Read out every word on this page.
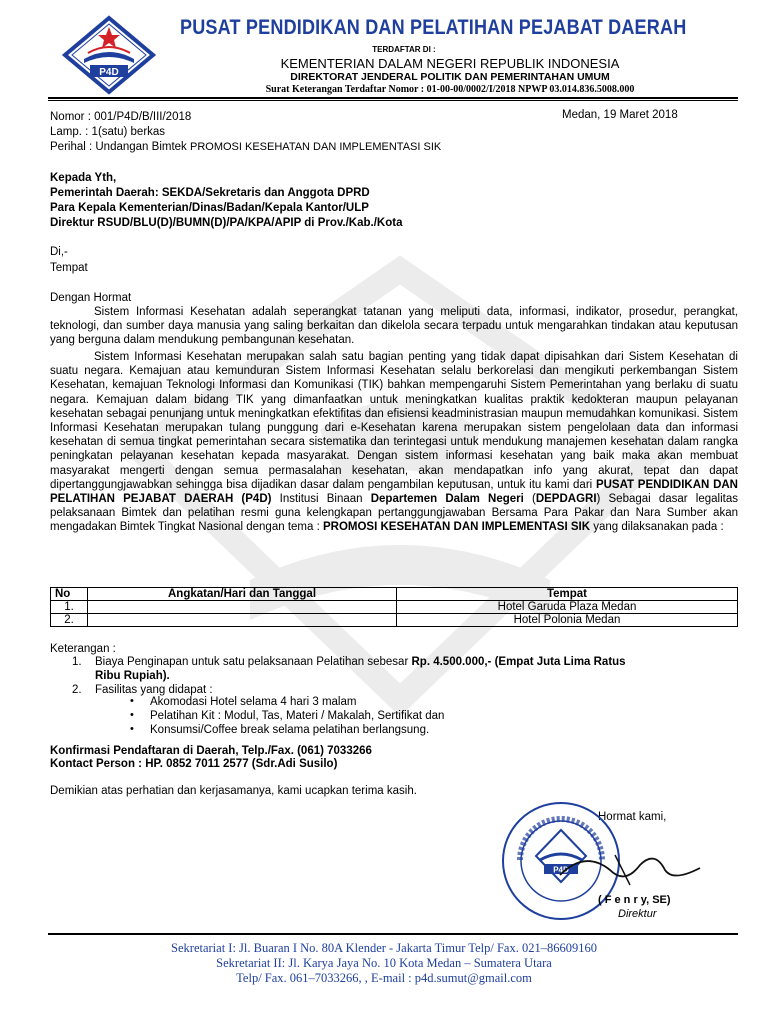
P4D
PUSAT PENDIDIKAN DAN PELATIHAN PEJABAT DAERAH
TERDAFTAR DI :
KEMENTERIAN DALAM NEGERI REPUBLIK INDONESIA
DIREKTORAT JENDERAL POLITIK DAN PEMERINTAHAN UMUM
Surat Keterangan Terdaftar Nomor : 01-00-00/0002/I/2018 NPWP 03.014.836.5008.000
Nomor : 001/P4D/B/III/2018
Lamp. : 1(satu) berkas
Perihal : Undangan Bimtek PROMOSI KESEHATAN DAN IMPLEMENTASI SIK
Medan, 19 Maret 2018
Kepada Yth,
Pemerintah Daerah: SEKDA/Sekretaris dan Anggota DPRD
Para Kepala Kementerian/Dinas/Badan/Kepala Kantor/ULP
Direktur RSUD/BLU(D)/BUMN(D)/PA/KPA/APIP di Prov./Kab./Kota
Di,-
Tempat
Dengan Hormat

Sistem Informasi Kesehatan adalah seperangkat tatanan yang meliputi data, informasi, indikator, prosedur, perangkat, teknologi, dan sumber daya manusia yang saling berkaitan dan dikelola secara terpadu untuk mengarahkan tindakan atau keputusan yang berguna dalam mendukung pembangunan kesehatan.

Sistem Informasi Kesehatan merupakan salah satu bagian penting yang tidak dapat dipisahkan dari Sistem Kesehatan di suatu negara. Kemajuan atau kemunduran Sistem Informasi Kesehatan selalu berkorelasi dan mengikuti perkembangan Sistem Kesehatan, kemajuan Teknologi Informasi dan Komunikasi (TIK) bahkan mempengaruhi Sistem Pemerintahan yang berlaku di suatu negara. Kemajuan dalam bidang TIK yang dimanfaatkan untuk meningkatkan kualitas praktik kedokteran maupun pelayanan kesehatan sebagai penunjang untuk meningkatkan efektifitas dan efisiensi keadministrasian maupun memudahkan komunikasi. Sistem Informasi Kesehatan merupakan tulang punggung dari e-Kesehatan karena merupakan sistem pengelolaan data dan informasi kesehatan di semua tingkat pemerintahan secara sistematika dan terintegasi untuk mendukung manajemen kesehatan dalam rangka peningkatan pelayanan kesehatan kepada masyarakat. Dengan sistem informasi kesehatan yang baik maka akan membuat masyarakat mengerti dengan semua permasalahan kesehatan, akan mendapatkan info yang akurat, tepat dan dapat dipertanggungjawabkan sehingga bisa dijadikan dasar dalam pengambilan keputusan, untuk itu kami dari PUSAT PENDIDIKAN DAN PELATIHAN PEJABAT DAERAH (P4D) Institusi Binaan Departemen Dalam Negeri (DEPDAGRI) Sebagai dasar legalitas pelaksanaan Bimtek dan pelatihan resmi guna kelengkapan pertanggungjawaban Bersama Para Pakar dan Nara Sumber akan mengadakan Bimtek Tingkat Nasional dengan tema : PROMOSI KESEHATAN DAN IMPLEMENTASI SIK yang dilaksanakan pada :

No	Angkatan/Hari dan Tanggal	Tempat
1.		Hotel Garuda Plaza Medan
2.		Hotel Polonia Medan
Keterangan :
1. Biaya Penginapan untuk satu pelaksanaan Pelatihan sebesar Rp. 4.500.000,- (Empat Juta Lima Ratus
Ribu Rupiah).
2. Fasilitas yang didapat :
• Akomodasi Hotel selama 4 hari 3 malam
• Pelatihan Kit : Modul, Tas, Materi / Makalah, Sertifikat dan
• Konsumsi/Coffee break selama pelatihan berlangsung.
Konfirmasi Pendaftaran di Daerah, Telp./Fax. (061) 7033266
Kontact Person : HP. 0852 7011 2577 (Sdr.Adi Susilo)
Demikian atas perhatian dan kerjasamanya, kami ucapkan terima kasih.
Hormat kami,
P4D
( F e n r y, SE)
Direktur
Sekretariat I: Jl. Buaran I No. 80A Klender - Jakarta Timur Telp/ Fax. 021–86609160
Sekretariat II: Jl. Karya Jaya No. 10 Kota Medan – Sumatera Utara
Telp/ Fax. 061–7033266, , E-mail : p4d.sumut@gmail.com
